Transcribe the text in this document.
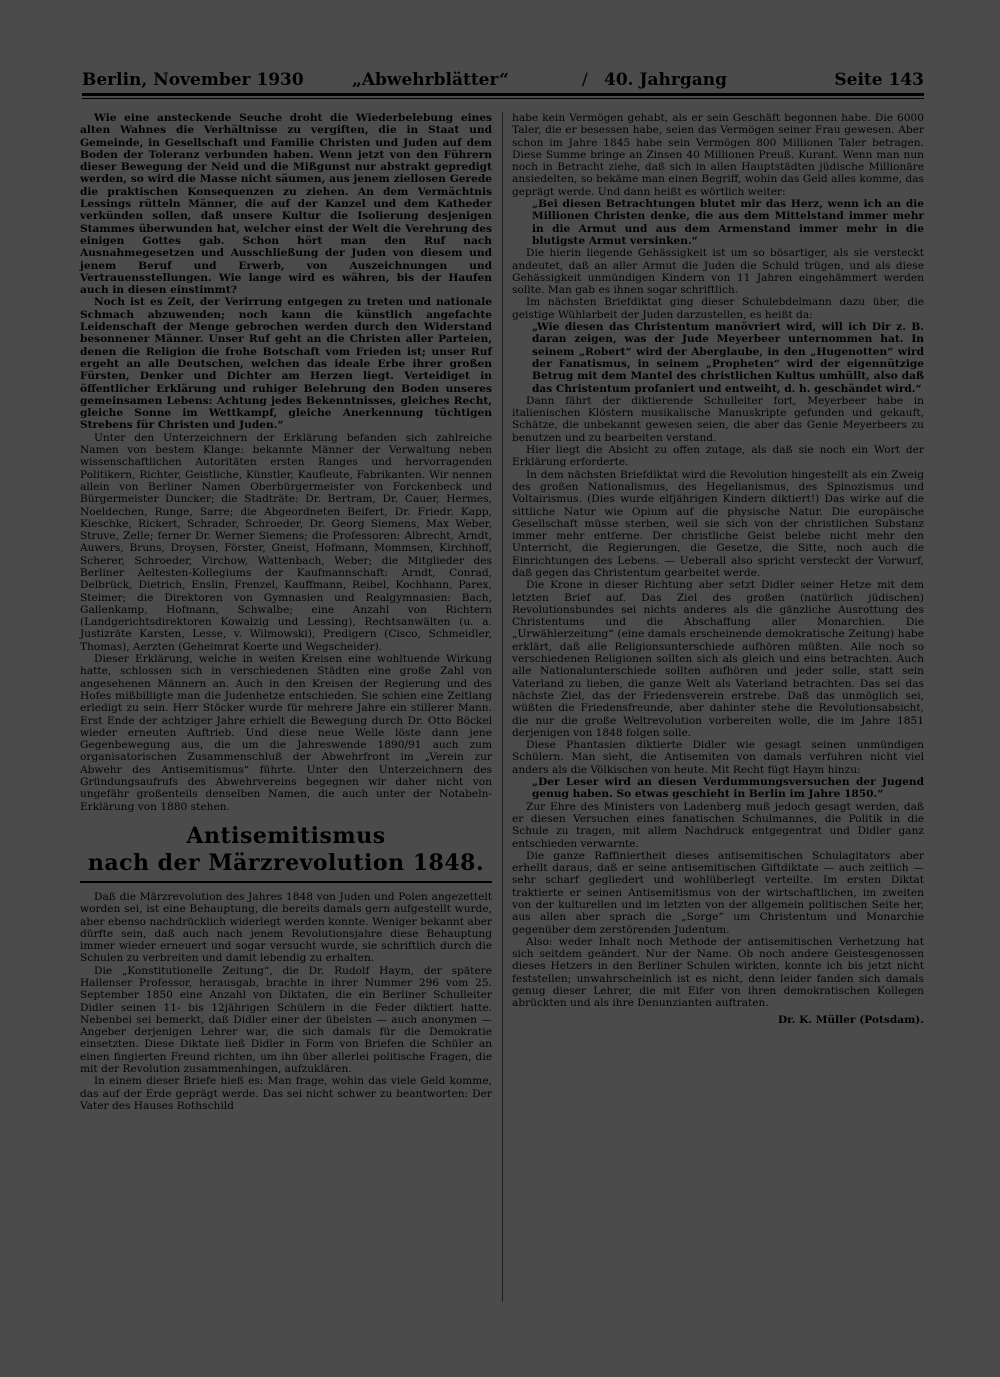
Berlin, November 1930	„Abwehrblätter“	/ 40. Jahrgang	Seite 143

Wie eine ansteckende Seuche droht die Wiederbelebung eines alten Wahnes die Verhältnisse zu vergiften, die in Staat und Gemeinde, in Gesellschaft und Familie Christen und Juden auf dem Boden der Toleranz verbunden haben. Wenn jetzt von den Führern dieser Bewegung der Neid und die Mißgunst nur abstrakt gepredigt werden, so wird die Masse nicht säumen, aus jenem ziellosen Gerede die praktischen Konsequenzen zu ziehen. An dem Vermächtnis Lessings rütteln Männer, die auf der Kanzel und dem Katheder verkünden sollen, daß unsere Kultur die Isolierung desjenigen Stammes überwunden hat, welcher einst der Welt die Verehrung des einigen Gottes gab. Schon hört man den Ruf nach Ausnahmegesetzen und Ausschließung der Juden von diesem und jenem Beruf und Erwerb, von Auszeichnungen und Vertrauensstellungen. Wie lange wird es währen, bis der Haufen auch in diesen einstimmt?

Noch ist es Zeit, der Verirrung entgegen zu treten und nationale Schmach abzuwenden; noch kann die künstlich angefachte Leidenschaft der Menge gebrochen werden durch den Widerstand besonnener Männer. Unser Ruf geht an die Christen aller Parteien, denen die Religion die frohe Botschaft vom Frieden ist; unser Ruf ergeht an alle Deutschen, welchen das ideale Erbe ihrer großen Fürsten, Denker und Dichter am Herzen liegt. Verteidiget in öffentlicher Erklärung und ruhiger Belehrung den Boden unseres gemeinsamen Lebens: Achtung jedes Bekenntnisses, gleiches Recht, gleiche Sonne im Wettkampf, gleiche Anerkennung tüchtigen Strebens für Christen und Juden.“

Unter den Unterzeichnern der Erklärung befanden sich zahlreiche Namen von bestem Klange: bekannte Männer der Verwaltung neben wissenschaftlichen Autoritäten ersten Ranges und hervorragenden Politikern, Richter, Geistliche, Künstler, Kaufleute, Fabrikanten. Wir nennen allein von Berliner Namen Oberbürgermeister von Forckenbeck und Bürgermeister Duncker; die Stadträte: Dr. Bertram, Dr. Cauer, Hermes, Noeldechen, Runge, Sarre; die Abgeordneten Beifert, Dr. Friedr. Kapp, Kieschke, Rickert, Schrader, Schroeder, Dr. Georg Siemens, Max Weber, Struve, Zelle; ferner Dr. Werner Siemens; die Professoren: Albrecht, Arndt, Auwers, Bruns, Droysen, Förster, Gneist, Hofmann, Mommsen, Kirchhoff, Scherer, Schroeder, Virchow, Wattenbach, Weber; die Mitglieder des Berliner Aeltesten-Kollegiums der Kaufmannschaft: Arndt, Conrad, Delbrück, Dietrich, Enslin, Frenzel, Kauffmann, Reibel, Kochhann, Parex, Steimer; die Direktoren von Gymnasien und Realgymnasien: Bach, Gallenkamp, Hofmann, Schwalbe; eine Anzahl von Richtern (Landgerichtsdirektoren Kowalzig und Lessing), Rechtsanwälten (u. a. Justizräte Karsten, Lesse, v. Wilmowski), Predigern (Cisco, Schmeidler, Thomas), Aerzten (Geheimrat Koerte und Wegscheider).

Dieser Erklärung, welche in weiten Kreisen eine wohltuende Wirkung hatte, schlossen sich in verschiedenen Städten eine große Zahl von angesehenen Männern an. Auch in den Kreisen der Regierung und des Hofes mißbilligte man die Judenhetze entschieden. Sie schien eine Zeitlang erledigt zu sein. Herr Stöcker wurde für mehrere Jahre ein stillerer Mann. Erst Ende der achtziger Jahre erhielt die Bewegung durch Dr. Otto Böckel wieder erneuten Auftrieb. Und diese neue Welle löste dann jene Gegenbewegung aus, die um die Jahreswende 1890/91 auch zum organisatorischen Zusammenschluß der Abwehrfront im „Verein zur Abwehr des Antisemitismus“ führte. Unter den Unterzeichnern des Gründungsaufrufs des Abwehrvereins begegnen wir daher nicht von ungefähr großenteils denselben Namen, die auch unter der Notabeln-Erklärung von 1880 stehen.

Antisemitismus
nach der Märzrevolution 1848.

Daß die Märzrevolution des Jahres 1848 von Juden und Polen angezettelt worden sei, ist eine Behauptung, die bereits damals gern aufgestellt wurde, aber ebenso nachdrücklich widerlegt werden konnte. Weniger bekannt aber dürfte sein, daß auch nach jenem Revolutionsjahre diese Behauptung immer wieder erneuert und sogar versucht wurde, sie schriftlich durch die Schulen zu verbreiten und damit lebendig zu erhalten.

Die „Konstitutionelle Zeitung“, die Dr. Rudolf Haym, der spätere Hallenser Professor, herausgab, brachte in ihrer Nummer 296 vom 25. September 1850 eine Anzahl von Diktaten, die ein Berliner Schulleiter Didler seinen 11- bis 12jährigen Schülern in die Feder diktiert hatte. Nebenbei sei bemerkt, daß Didler einer der übelsten — auch anonymen — Angeber derjenigen Lehrer war, die sich damals für die Demokratie einsetzten. Diese Diktate ließ Didler in Form von Briefen die Schüler an einen fingierten Freund richten, um ihn über allerlei politische Fragen, die mit der Revolution zusammenhingen, aufzuklären.

In einem dieser Briefe hieß es: Man frage, wohin das viele Geld komme, das auf der Erde geprägt werde. Das sei nicht schwer zu beantworten: Der Vater des Hauses Rothschild

habe kein Vermögen gehabt, als er sein Geschäft begonnen habe. Die 6000 Taler, die er besessen habe, seien das Vermögen seiner Frau gewesen. Aber schon im Jahre 1845 habe sein Vermögen 800 Millionen Taler betragen. Diese Summe bringe an Zinsen 40 Millionen Preuß. Kurant. Wenn man nun noch in Betracht ziehe, daß sich in allen Hauptstädten jüdische Millionäre ansiedelten, so bekäme man einen Begriff, wohin das Geld alles komme, das geprägt werde. Und dann heißt es wörtlich weiter:

„Bei diesen Betrachtungen blutet mir das Herz, wenn ich an die Millionen Christen denke, die aus dem Mittelstand immer mehr in die Armut und aus dem Armenstand immer mehr in die blutigste Armut versinken.“

Die hierin liegende Gehässigkeit ist um so bösartiger, als sie versteckt andeutet, daß an aller Armut die Juden die Schuld trügen, und als diese Gehässigkeit unmündigen Kindern von 11 Jahren eingehämmert werden sollte. Man gab es ihnen sogar schriftlich.

Im nächsten Briefdiktat ging dieser Schulebdelmann dazu über, die geistige Wühlarbeit der Juden darzustellen, es heißt da:

„Wie diesen das Christentum manövriert wird, will ich Dir z. B. daran zeigen, was der Jude Meyerbeer unternommen hat. In seinem „Robert“ wird der Aberglaube, in den „Hugenotten“ wird der Fanatismus, in seinem „Propheten“ wird der eigennützige Betrug mit dem Mantel des christlichen Kultus umhüllt, also daß das Christentum profaniert und entweiht, d. h. geschändet wird.“

Dann fährt der diktierende Schulleiter fort, Meyerbeer habe in italienischen Klöstern musikalische Manuskripte gefunden und gekauft, Schätze, die unbekannt gewesen seien, die aber das Genie Meyerbeers zu benutzen und zu bearbeiten verstand.

Hier liegt die Absicht zu offen zutage, als daß sie noch ein Wort der Erklärung erforderte.

In dem nächsten Briefdiktat wird die Revolution hingestellt als ein Zweig des großen Nationalismus, des Hegelianismus, des Spinozismus und Voltairismus. (Dies wurde elfjährigen Kindern diktiert!) Das wirke auf die sittliche Natur wie Opium auf die physische Natur. Die europäische Gesellschaft müsse sterben, weil sie sich von der christlichen Substanz immer mehr entferne. Der christliche Geist belebe nicht mehr den Unterricht, die Regierungen, die Gesetze, die Sitte, noch auch die Einrichtungen des Lebens. — Ueberall also spricht versteckt der Vorwurf, daß gegen das Christentum gearbeitet werde.

Die Krone in dieser Richtung aber setzt Didler seiner Hetze mit dem letzten Brief auf. Das Ziel des großen (natürlich jüdischen) Revolutionsbundes sei nichts anderes als die gänzliche Ausrottung des Christentums und die Abschaffung aller Monarchien. Die „Urwählerzeitung“ (eine damals erscheinende demokratische Zeitung) habe erklärt, daß alle Religionsunterschiede aufhören müßten. Alle noch so verschiedenen Religionen sollten sich als gleich und eins betrachten. Auch alle Nationalunterschiede sollten aufhören und jeder solle, statt sein Vaterland zu lieben, die ganze Welt als Vaterland betrachten. Das sei das nächste Ziel, das der Friedensverein erstrebe. Daß das unmöglich sei, wüßten die Friedensfreunde, aber dahinter stehe die Revolutionsabsicht, die nur die große Weltrevolution vorbereiten wolle, die im Jahre 1851 derjenigen von 1848 folgen solle.

Diese Phantasien diktierte Didler wie gesagt seinen unmündigen Schülern. Man sieht, die Antisemiten von damals verfuhren nicht viel anders als die Völkischen von heute. Mit Recht fügt Haym hinzu:

„Der Leser wird an diesen Verdummungsversuchen der Jugend genug haben. So etwas geschieht in Berlin im Jahre 1850.“

Zur Ehre des Ministers von Ladenberg muß jedoch gesagt werden, daß er diesen Versuchen eines fanatischen Schulmannes, die Politik in die Schule zu tragen, mit allem Nachdruck entgegentrat und Didler ganz entschieden verwarnte.

Die ganze Raffiniertheit dieses antisemitischen Schulagitators aber erhellt daraus, daß er seine antisemitischen Giftdiktate — auch zeitlich — sehr scharf gegliedert und wohlüberlegt verteilte. Im ersten Diktat traktierte er seinen Antisemitismus von der wirtschaftlichen, im zweiten von der kulturellen und im letzten von der allgemein politischen Seite her, aus allen aber sprach die „Sorge“ um Christentum und Monarchie gegenüber dem zerstörenden Judentum.

Also: weder Inhalt noch Methode der antisemitischen Verhetzung hat sich seitdem geändert. Nur der Name. Ob noch andere Geistesgenossen dieses Hetzers in den Berliner Schulen wirkten, konnte ich bis jetzt nicht feststellen; unwahrscheinlich ist es nicht, denn leider fanden sich damals genug dieser Lehrer, die mit Eifer von ihren demokratischen Kollegen abrückten und als ihre Denunzianten auftraten.

Dr. K. Müller (Potsdam).
